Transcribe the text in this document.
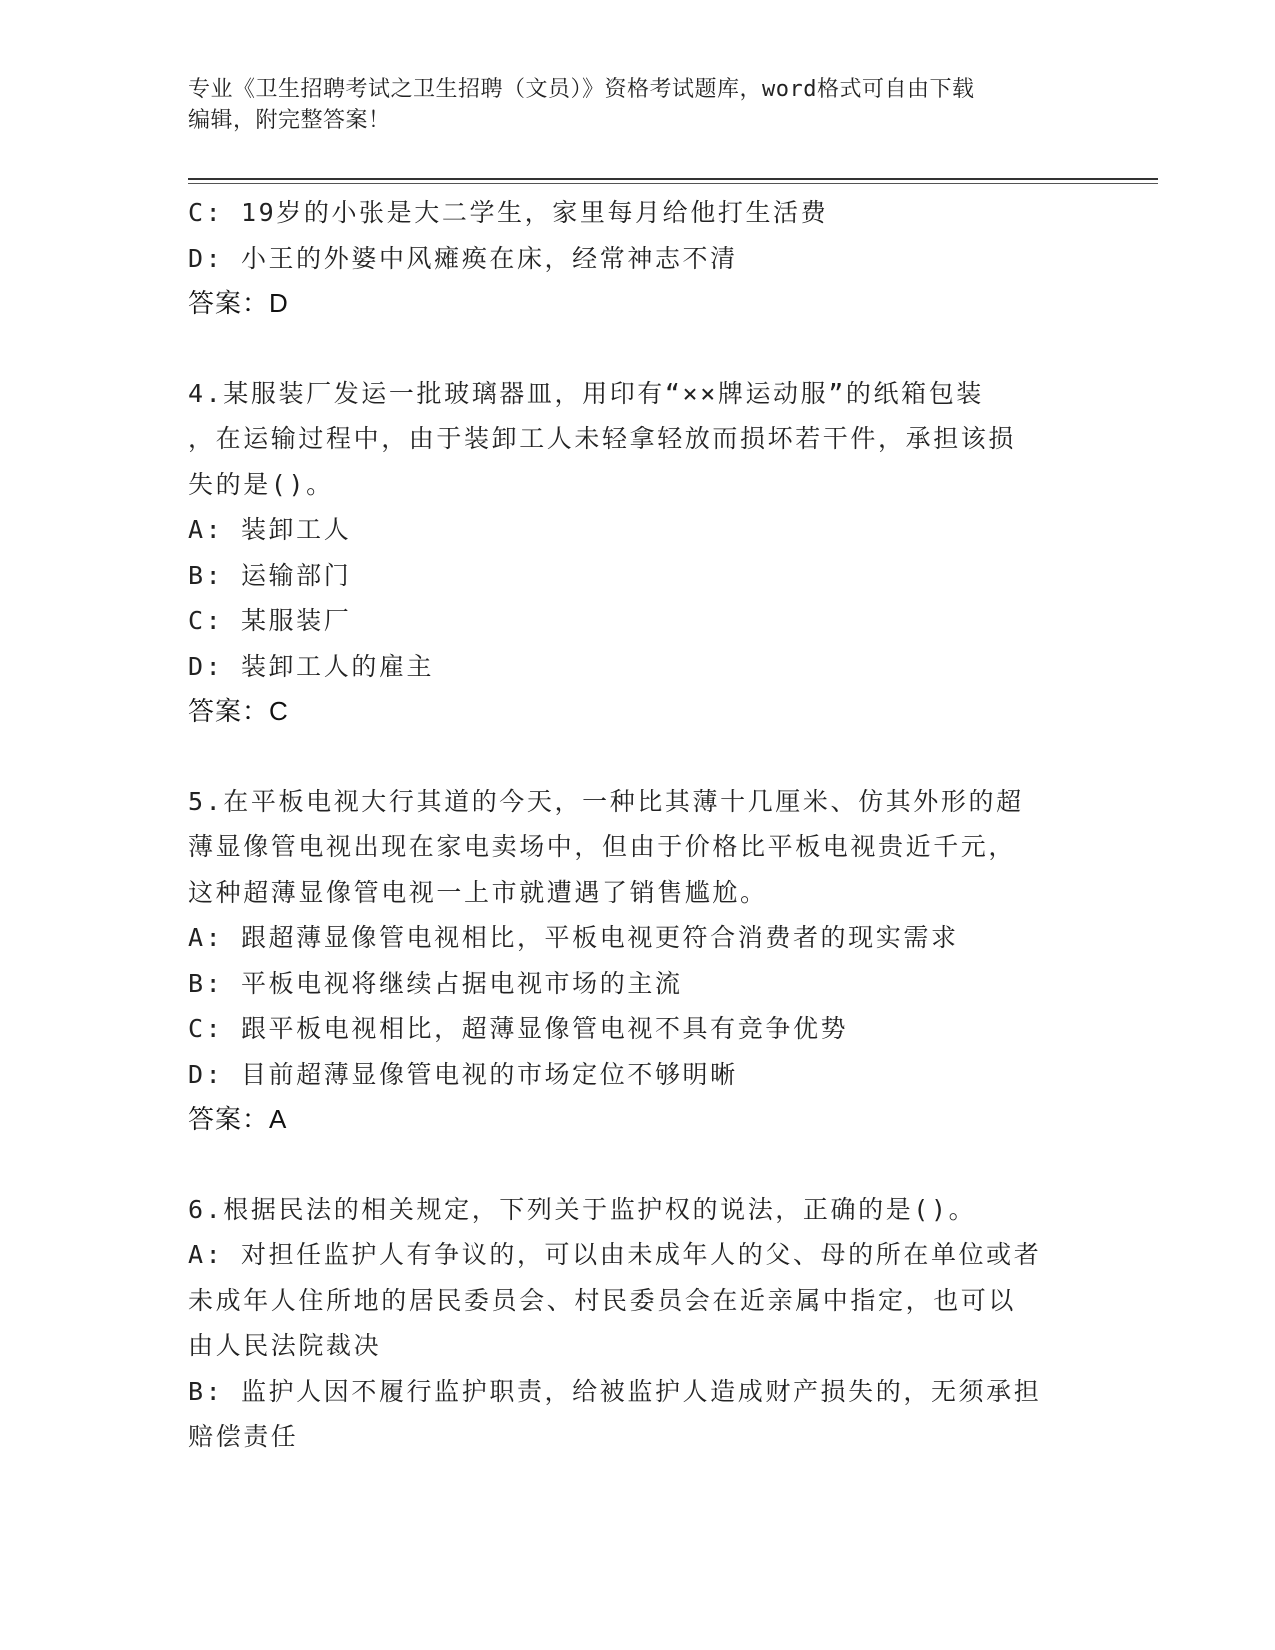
专业《卫生招聘考试之卫生招聘（文员）》资格考试题库，word格式可自由下载
编辑，附完整答案！
C: 19岁的小张是大二学生，家里每月给他打生活费
D: 小王的外婆中风瘫痪在床，经常神志不清
答案：D
4.某服装厂发运一批玻璃器皿，用印有“××牌运动服”的纸箱包装
，在运输过程中，由于装卸工人未轻拿轻放而损坏若干件，承担该损
失的是()。
A: 装卸工人
B: 运输部门
C: 某服装厂
D: 装卸工人的雇主
答案：C
5.在平板电视大行其道的今天，一种比其薄十几厘米、仿其外形的超
薄显像管电视出现在家电卖场中，但由于价格比平板电视贵近千元，
这种超薄显像管电视一上市就遭遇了销售尴尬。
A: 跟超薄显像管电视相比，平板电视更符合消费者的现实需求
B: 平板电视将继续占据电视市场的主流
C: 跟平板电视相比，超薄显像管电视不具有竞争优势
D: 目前超薄显像管电视的市场定位不够明晰
答案：A
6.根据民法的相关规定，下列关于监护权的说法，正确的是()。
A: 对担任监护人有争议的，可以由未成年人的父、母的所在单位或者
未成年人住所地的居民委员会、村民委员会在近亲属中指定，也可以
由人民法院裁决
B: 监护人因不履行监护职责，给被监护人造成财产损失的，无须承担
赔偿责任
